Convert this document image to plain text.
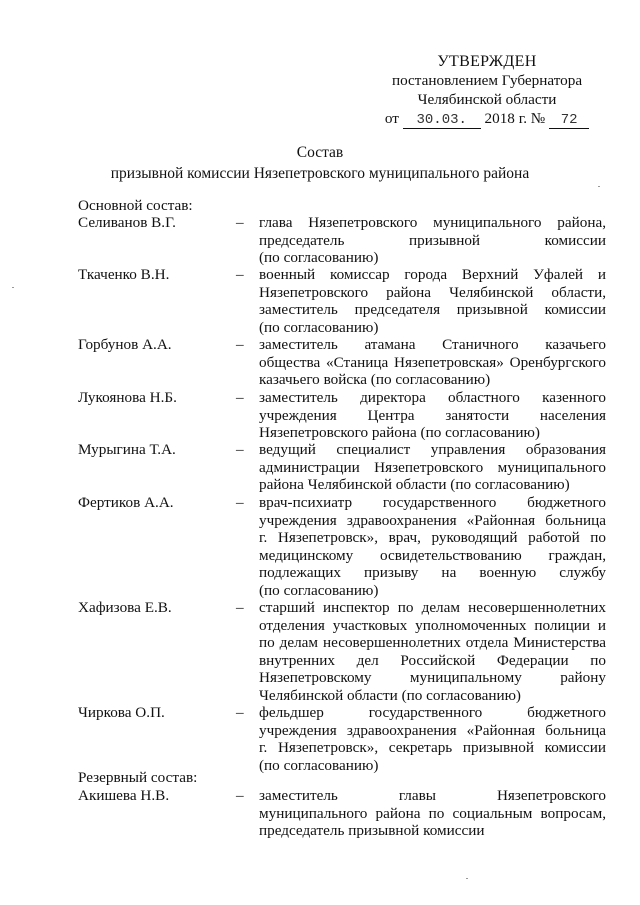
УТВЕРЖДЕН
постановлением Губернатора
Челябинской области
от 30.03. 2018 г. № 72
Состав
призывной комиссии Нязепетровского муниципального района
Основной состав:
Селиванов В.Г.	– глава Нязепетровского муниципального района,
председатель призывной комиссии
(по согласованию)
Ткаченко В.Н.	– военный комиссар города Верхний Уфалей и
Нязепетровского района Челябинской области,
заместитель председателя призывной комиссии
(по согласованию)
Горбунов А.А.	– заместитель атамана Станичного казачьего
общества «Станица Нязепетровская» Оренбургского
казачьего войска (по согласованию)
Лукоянова Н.Б.	– заместитель директора областного казенного
учреждения Центра занятости населения
Нязепетровского района (по согласованию)
Мурыгина Т.А.	– ведущий специалист управления образования
администрации Нязепетровского муниципального
района Челябинской области (по согласованию)
Фертиков А.А.	– врач-психиатр государственного бюджетного
учреждения здравоохранения «Районная больница
г. Нязепетровск», врач, руководящий работой по
медицинскому освидетельствованию граждан,
подлежащих призыву на военную службу
(по согласованию)
Хафизова Е.В.	– старший инспектор по делам несовершеннолетних
отделения участковых уполномоченных полиции и
по делам несовершеннолетних отдела Министерства
внутренних дел Российской Федерации по
Нязепетровскому муниципальному району
Челябинской области (по согласованию)
Чиркова О.П.	– фельдшер государственного бюджетного
учреждения здравоохранения «Районная больница
г. Нязепетровск», секретарь призывной комиссии
(по согласованию)
Резервный состав:
Акишева Н.В.	– заместитель главы Нязепетровского
муниципального района по социальным вопросам,
председатель призывной комиссии
